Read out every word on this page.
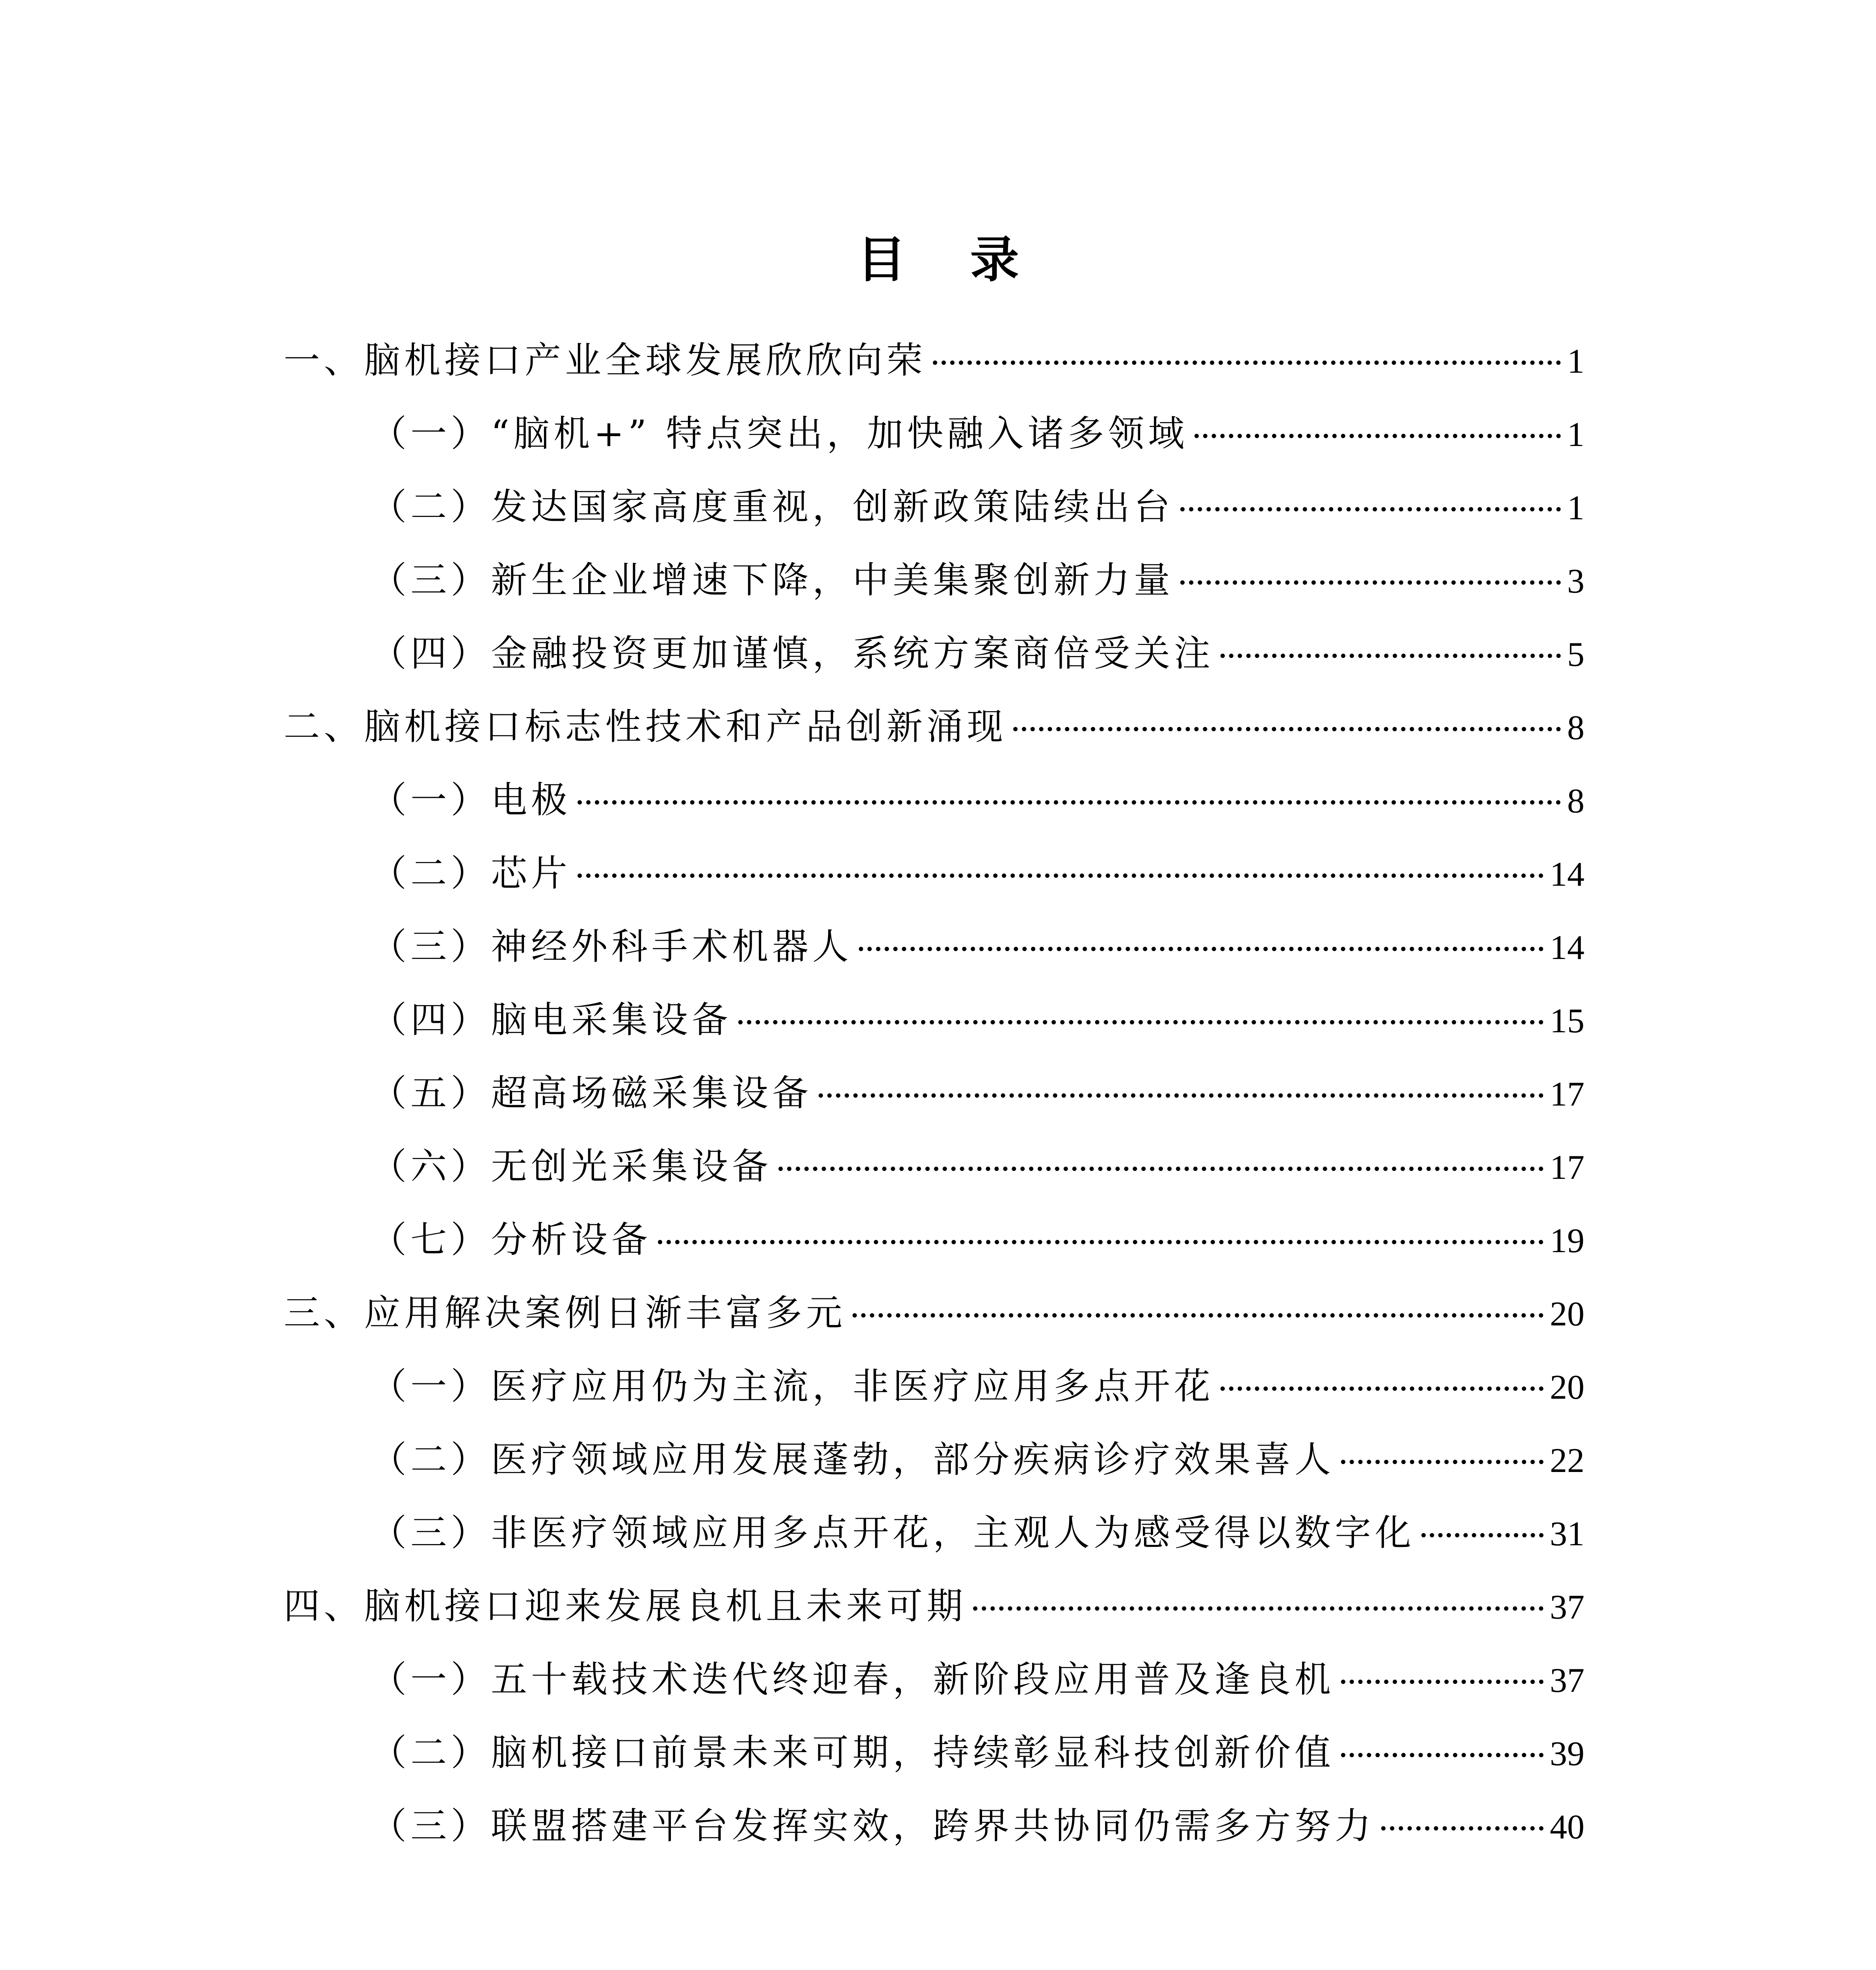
目 录
一、脑机接口产业全球发展欣欣向荣	1
（一）“脑机+” 特点突出，加快融入诸多领域	1
（二）发达国家高度重视，创新政策陆续出台	1
（三）新生企业增速下降，中美集聚创新力量	3
（四）金融投资更加谨慎，系统方案商倍受关注	5
二、脑机接口标志性技术和产品创新涌现	8
（一）电极	8
（二）芯片	14
（三）神经外科手术机器人	14
（四）脑电采集设备	15
（五）超高场磁采集设备	17
（六）无创光采集设备	17
（七）分析设备	19
三、应用解决案例日渐丰富多元	20
（一）医疗应用仍为主流，非医疗应用多点开花	20
（二）医疗领域应用发展蓬勃，部分疾病诊疗效果喜人	22
（三）非医疗领域应用多点开花，主观人为感受得以数字化	31
四、脑机接口迎来发展良机且未来可期	37
（一）五十载技术迭代终迎春，新阶段应用普及逢良机	37
（二）脑机接口前景未来可期，持续彰显科技创新价值	39
（三）联盟搭建平台发挥实效，跨界共协同仍需多方努力	40
